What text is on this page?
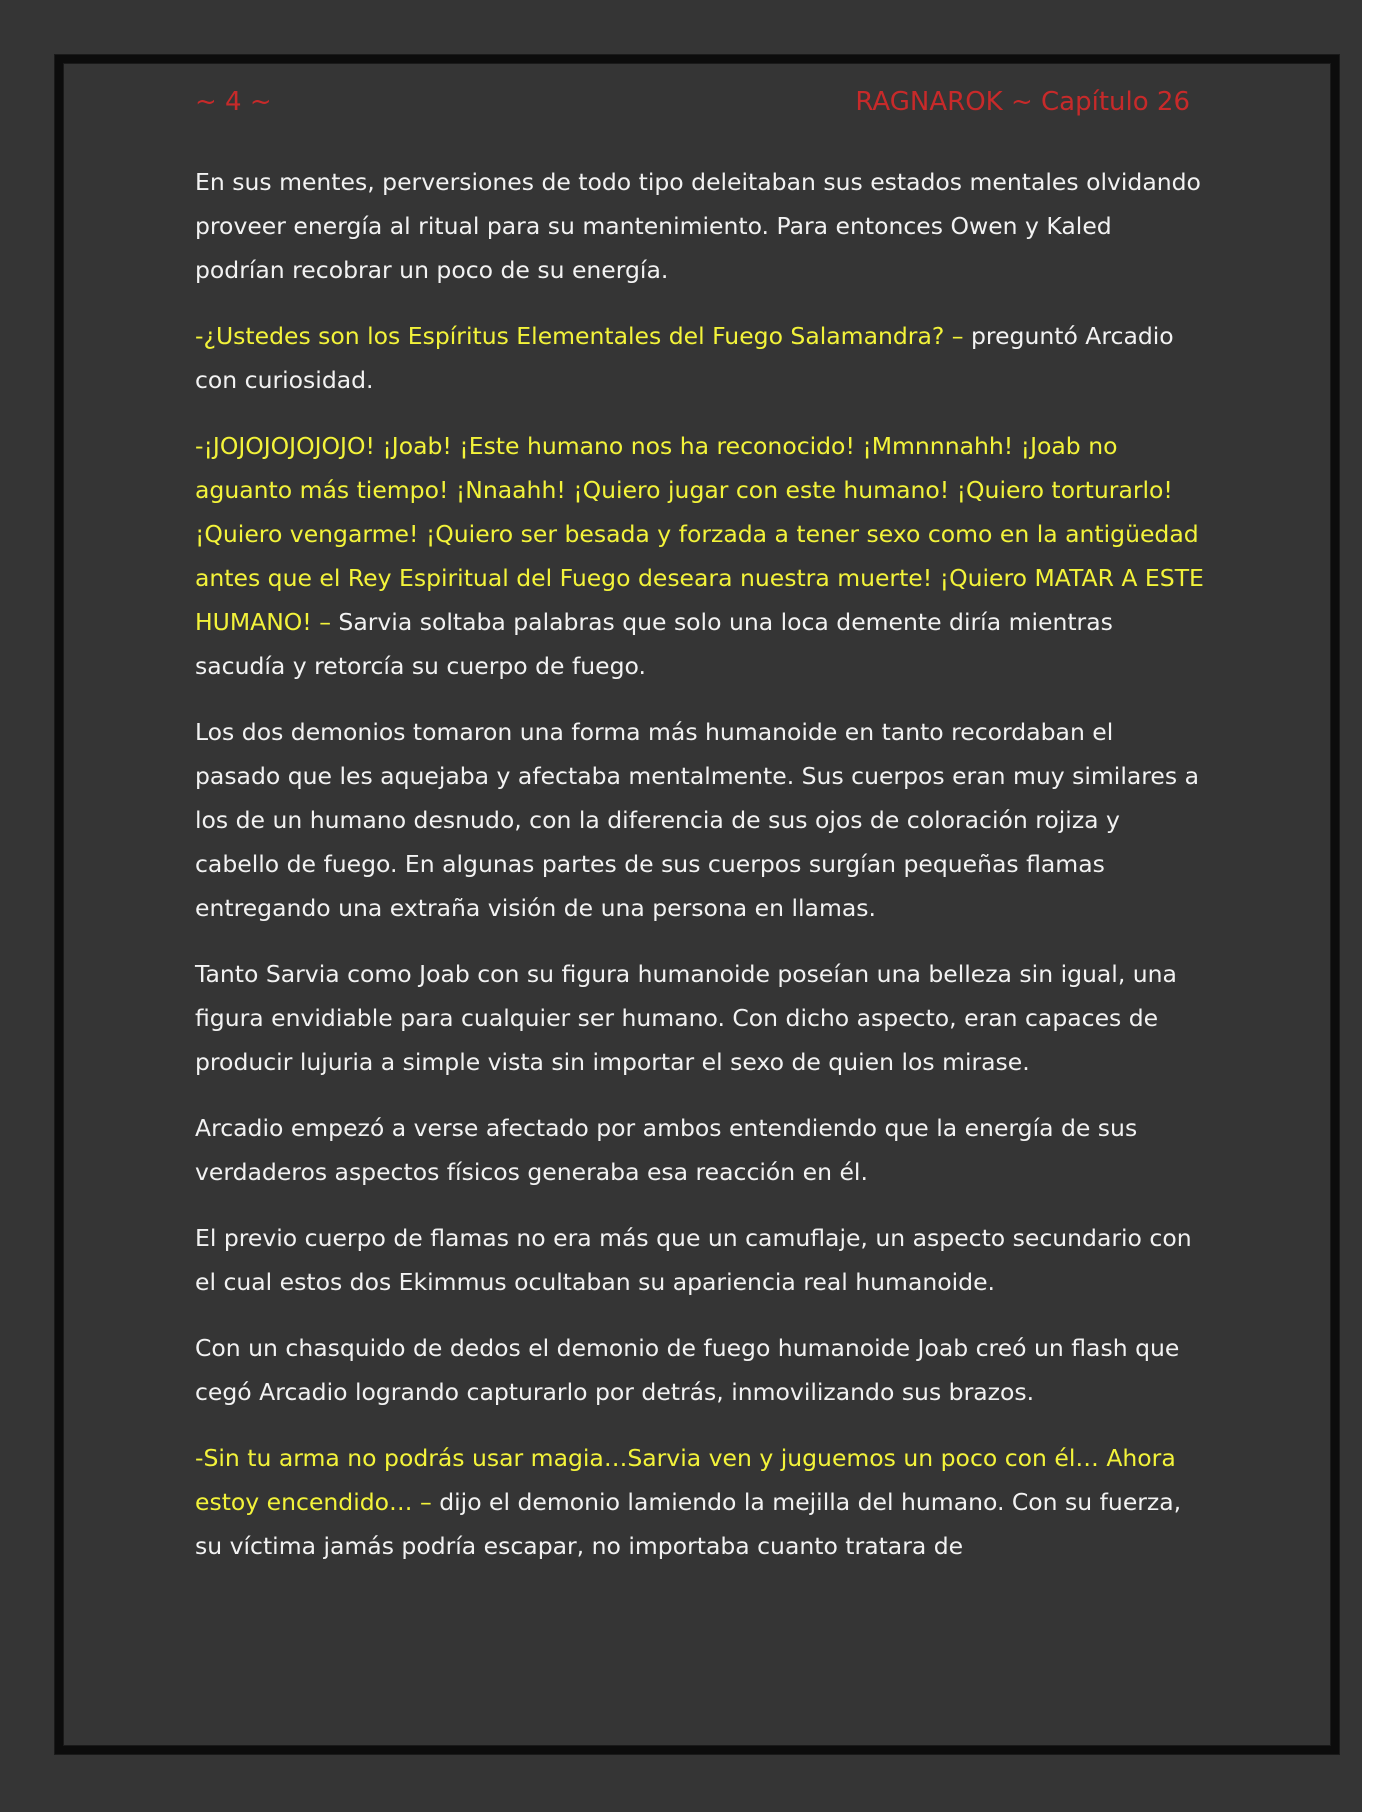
~ 4 ~	RAGNAROK ~ Capítulo 26

En sus mentes, perversiones de todo tipo deleitaban sus estados mentales olvidando proveer energía al ritual para su mantenimiento. Para entonces Owen y Kaled podrían recobrar un poco de su energía.

-¿Ustedes son los Espíritus Elementales del Fuego Salamandra? – preguntó Arcadio con curiosidad.

-¡JOJOJOJOJOJO! ¡Joab! ¡Este humano nos ha reconocido! ¡Mmnnnahh! ¡Joab no aguanto más tiempo! ¡Nnaahh! ¡Quiero jugar con este humano! ¡Quiero torturarlo! ¡Quiero vengarme! ¡Quiero ser besada y forzada a tener sexo como en la antigüedad antes que el Rey Espiritual del Fuego deseara nuestra muerte! ¡Quiero MATAR A ESTE HUMANO! – Sarvia soltaba palabras que solo una loca demente diría mientras sacudía y retorcía su cuerpo de fuego.

Los dos demonios tomaron una forma más humanoide en tanto recordaban el pasado que les aquejaba y afectaba mentalmente. Sus cuerpos eran muy similares a los de un humano desnudo, con la diferencia de sus ojos de coloración rojiza y cabello de fuego. En algunas partes de sus cuerpos surgían pequeñas flamas entregando una extraña visión de una persona en llamas.

Tanto Sarvia como Joab con su figura humanoide poseían una belleza sin igual, una figura envidiable para cualquier ser humano. Con dicho aspecto, eran capaces de producir lujuria a simple vista sin importar el sexo de quien los mirase.

Arcadio empezó a verse afectado por ambos entendiendo que la energía de sus verdaderos aspectos físicos generaba esa reacción en él.

El previo cuerpo de flamas no era más que un camuflaje, un aspecto secundario con el cual estos dos Ekimmus ocultaban su apariencia real humanoide.

Con un chasquido de dedos el demonio de fuego humanoide Joab creó un flash que cegó Arcadio logrando capturarlo por detrás, inmovilizando sus brazos.

-Sin tu arma no podrás usar magia…Sarvia ven y juguemos un poco con él… Ahora estoy encendido… – dijo el demonio lamiendo la mejilla del humano. Con su fuerza, su víctima jamás podría escapar, no importaba cuanto tratara de
